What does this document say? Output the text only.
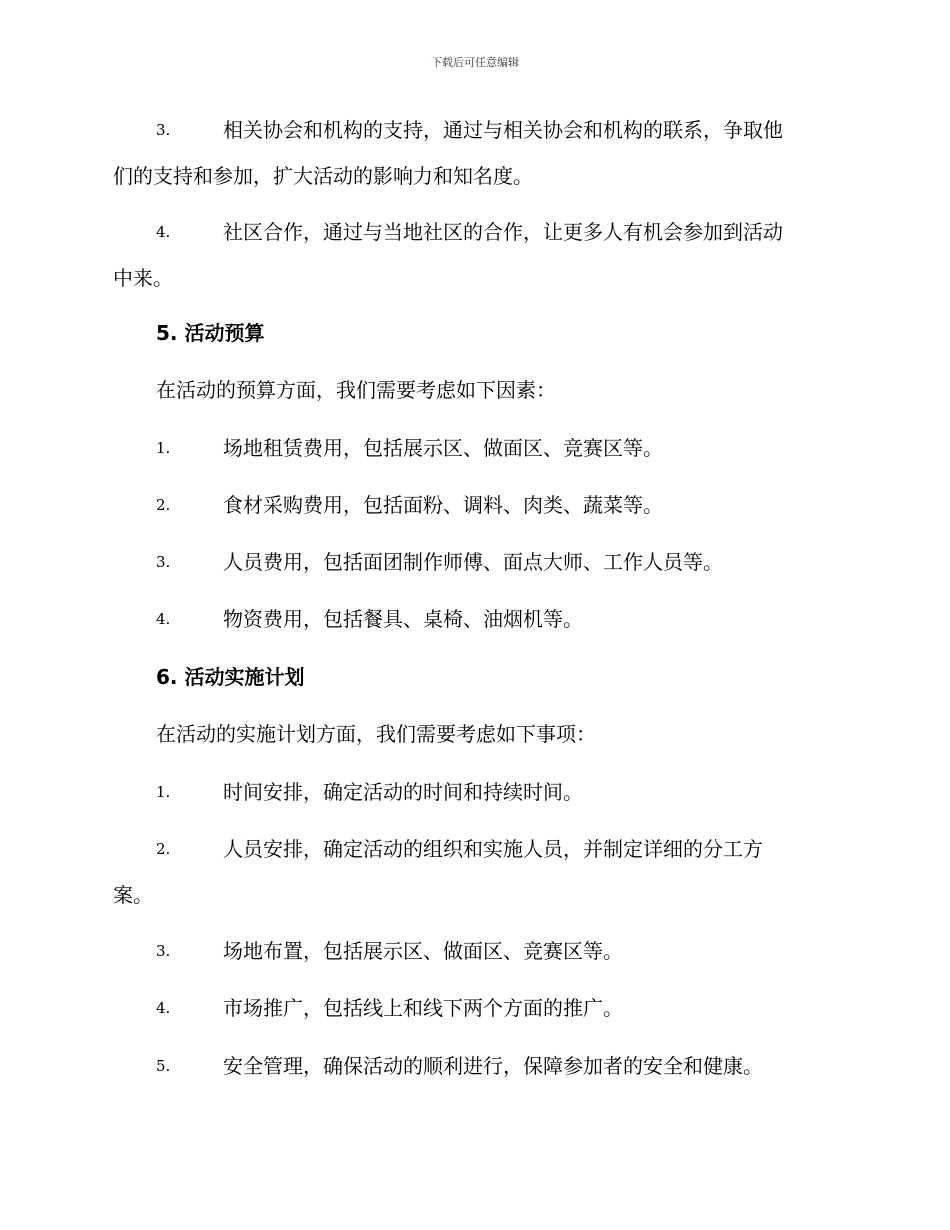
下载后可任意编辑
3.	相关协会和机构的支持，通过与相关协会和机构的联系，争取他
们的支持和参加，扩大活动的影响力和知名度。
4.	社区合作，通过与当地社区的合作，让更多人有机会参加到活动
中来。
5. 活动预算
在活动的预算方面，我们需要考虑如下因素：
1.	场地租赁费用，包括展示区、做面区、竞赛区等。
2.	食材采购费用，包括面粉、调料、肉类、蔬菜等。
3.	人员费用，包括面团制作师傅、面点大师、工作人员等。
4.	物资费用，包括餐具、桌椅、油烟机等。
6. 活动实施计划
在活动的实施计划方面，我们需要考虑如下事项：
1.	时间安排，确定活动的时间和持续时间。
2.	人员安排，确定活动的组织和实施人员，并制定详细的分工方
案。
3.	场地布置，包括展示区、做面区、竞赛区等。
4.	市场推广，包括线上和线下两个方面的推广。
5.	安全管理，确保活动的顺利进行，保障参加者的安全和健康。
